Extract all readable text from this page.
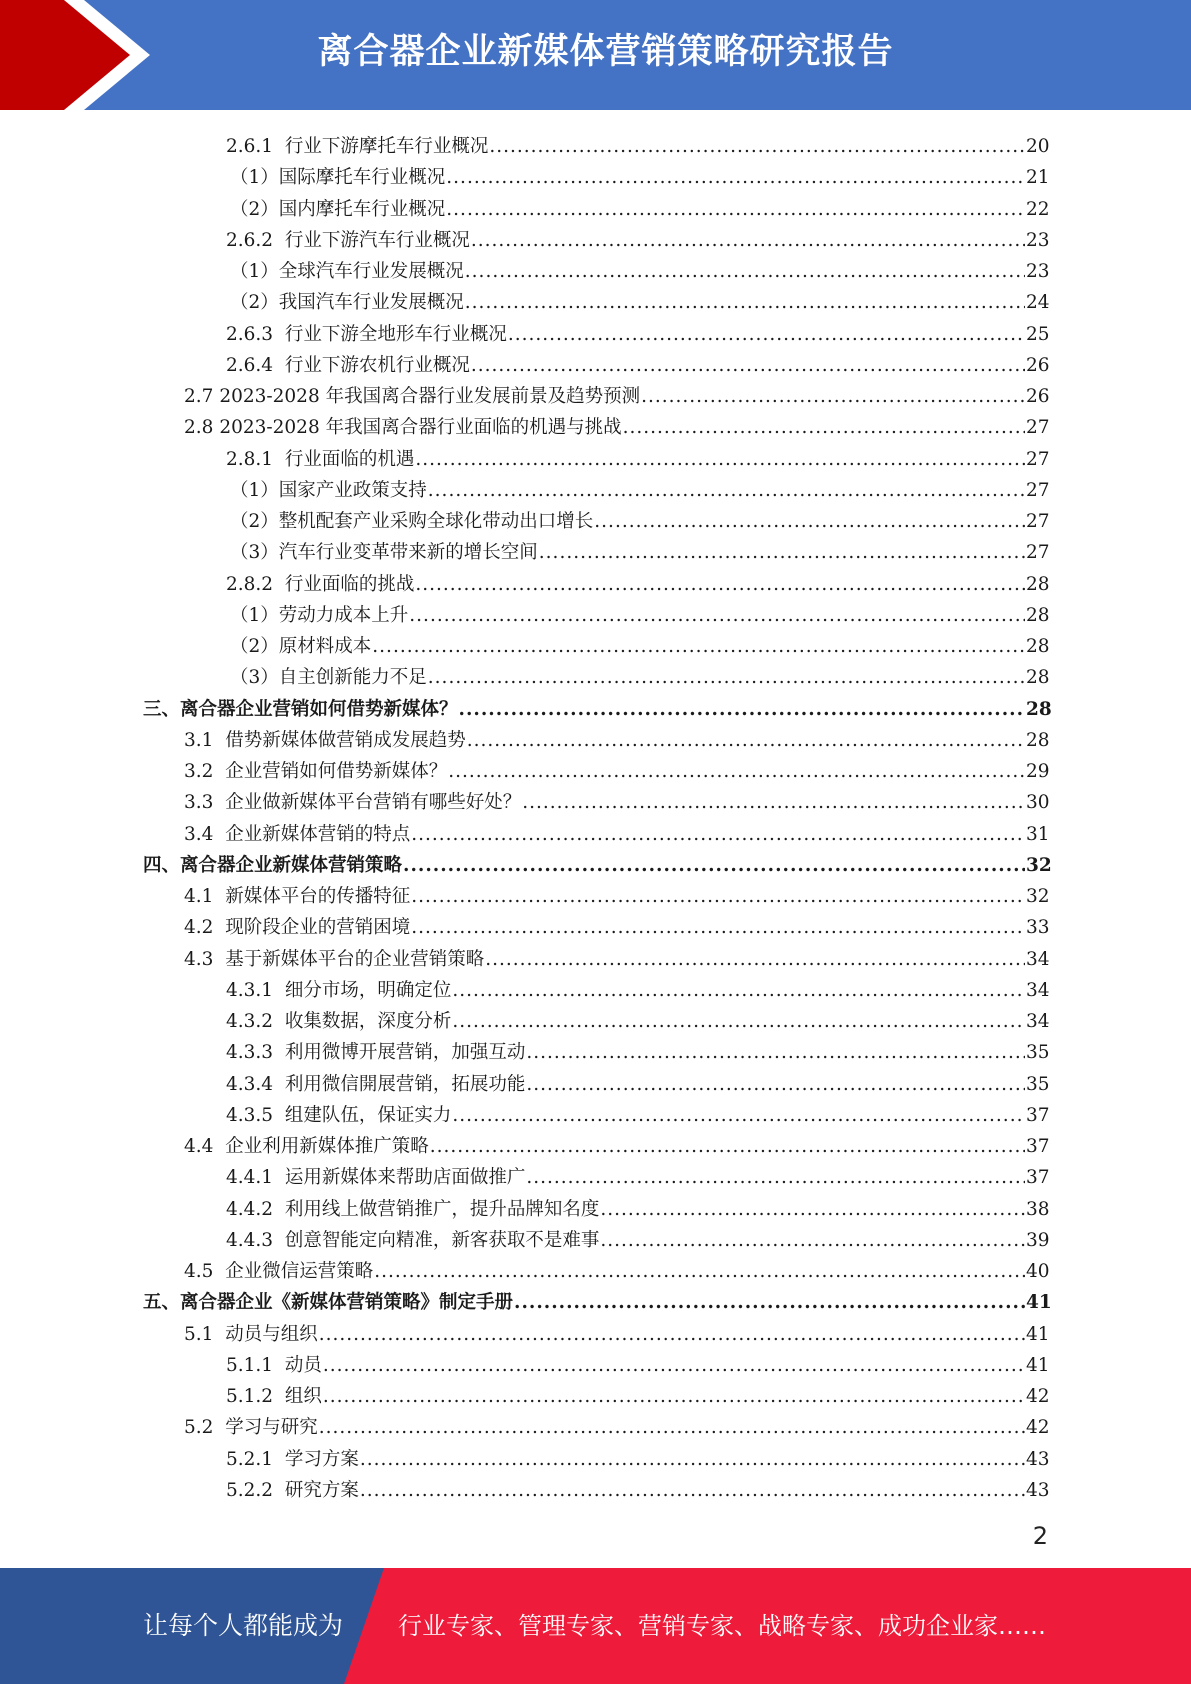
离合器企业新媒体营销策略研究报告
2.6.1 行业下游摩托车行业概况 .....	20
（1） 国际摩托车行业概况 .....	21
（2） 国内摩托车行业概况 .....	22
2.6.2 行业下游汽车行业概况 .....	23
（1） 全球汽车行业发展概况 .....	23
（2） 我国汽车行业发展概况 .....	24
2.6.3 行业下游全地形车行业概况 .....	25
2.6.4 行业下游农机行业概况 .....	26
2.7 2023-2028 年我国离合器行业发展前景及趋势预测 .....	26
2.8 2023-2028 年我国离合器行业面临的机遇与挑战 .....	27
2.8.1 行业面临的机遇 .....	27
（1） 国家产业政策支持 .....	27
（2） 整机配套产业采购全球化带动出口增长 .....	27
（3） 汽车行业变革带来新的增长空间 .....	27
2.8.2 行业面临的挑战 .....	28
（1） 劳动力成本上升 .....	28
（2） 原材料成本 .....	28
（3） 自主创新能力不足 .....	28
三、 离合器企业营销如何借势新媒体？ .....	28
3.1 借势新媒体做营销成发展趋势 .....	28
3.2 企业营销如何借势新媒体？ .....	29
3.3 企业做新媒体平台营销有哪些好处？ .....	30
3.4 企业新媒体营销的特点 .....	31
四、 离合器企业新媒体营销策略 .....	32
4.1 新媒体平台的传播特征 .....	32
4.2 现阶段企业的营销困境 .....	33
4.3 基于新媒体平台的企业营销策略 .....	34
4.3.1 细分市场，明确定位 .....	34
4.3.2 收集数据，深度分析 .....	34
4.3.3 利用微博开展营销，加强互动 .....	35
4.3.4 利用微信開展营销，拓展功能 .....	35
4.3.5 组建队伍，保证实力 .....	37
4.4 企业利用新媒体推广策略 .....	37
4.4.1 运用新媒体来帮助店面做推广 .....	37
4.4.2 利用线上做营销推广，提升品牌知名度 .....	38
4.4.3 创意智能定向精准，新客获取不是难事 .....	39
4.5 企业微信运营策略 .....	40
五、 离合器企业《新媒体营销策略》制定手册 .....	41
5.1 动员与组织 .....	41
5.1.1 动员 .....	41
5.1.2 组织 .....	42
5.2 学习与研究 .....	42
5.2.1 学习方案 .....	43
5.2.2 研究方案 .....	43
2
让每个人都能成为 行业专家、管理专家、营销专家、战略专家、成功企业家……
